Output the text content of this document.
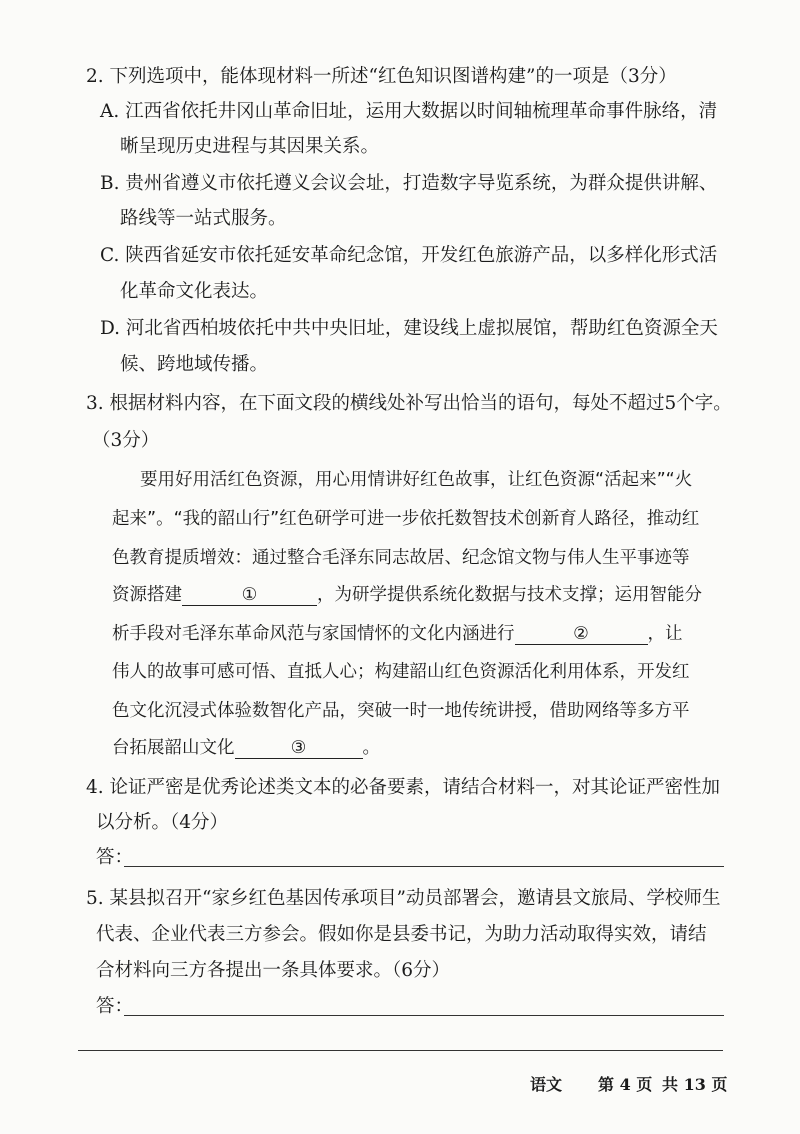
2. 下列选项中，能体现材料一所述“红色知识图谱构建”的一项是（3分）
A. 江西省依托井冈山革命旧址，运用大数据以时间轴梳理革命事件脉络，清
晰呈现历史进程与其因果关系。
B. 贵州省遵义市依托遵义会议会址，打造数字导览系统，为群众提供讲解、
路线等一站式服务。
C. 陕西省延安市依托延安革命纪念馆，开发红色旅游产品，以多样化形式活
化革命文化表达。
D. 河北省西柏坡依托中共中央旧址，建设线上虚拟展馆，帮助红色资源全天
候、跨地域传播。
3. 根据材料内容，在下面文段的横线处补写出恰当的语句，每处不超过5个字。
（3分）
要用好用活红色资源，用心用情讲好红色故事，让红色资源“活起来”“火
起来”。“我的韶山行”红色研学可进一步依托数智技术创新育人路径，推动红
色教育提质增效：通过整合毛泽东同志故居、纪念馆文物与伟人生平事迹等
资源搭建	①	，为研学提供系统化数据与技术支撑；运用智能分
析手段对毛泽东革命风范与家国情怀的文化内涵进行	②	，让
伟人的故事可感可悟、直抵人心；构建韶山红色资源活化利用体系，开发红
色文化沉浸式体验数智化产品，突破一时一地传统讲授，借助网络等多方平
台拓展韶山文化	③	。
4. 论证严密是优秀论述类文本的必备要素，请结合材料一，对其论证严密性加
以分析。（4分）
答：
5. 某县拟召开“家乡红色基因传承项目”动员部署会，邀请县文旅局、学校师生
代表、企业代表三方参会。假如你是县委书记，为助力活动取得实效，请结
合材料向三方各提出一条具体要求。（6分）
答：
语文 第 4 页 共 13 页
